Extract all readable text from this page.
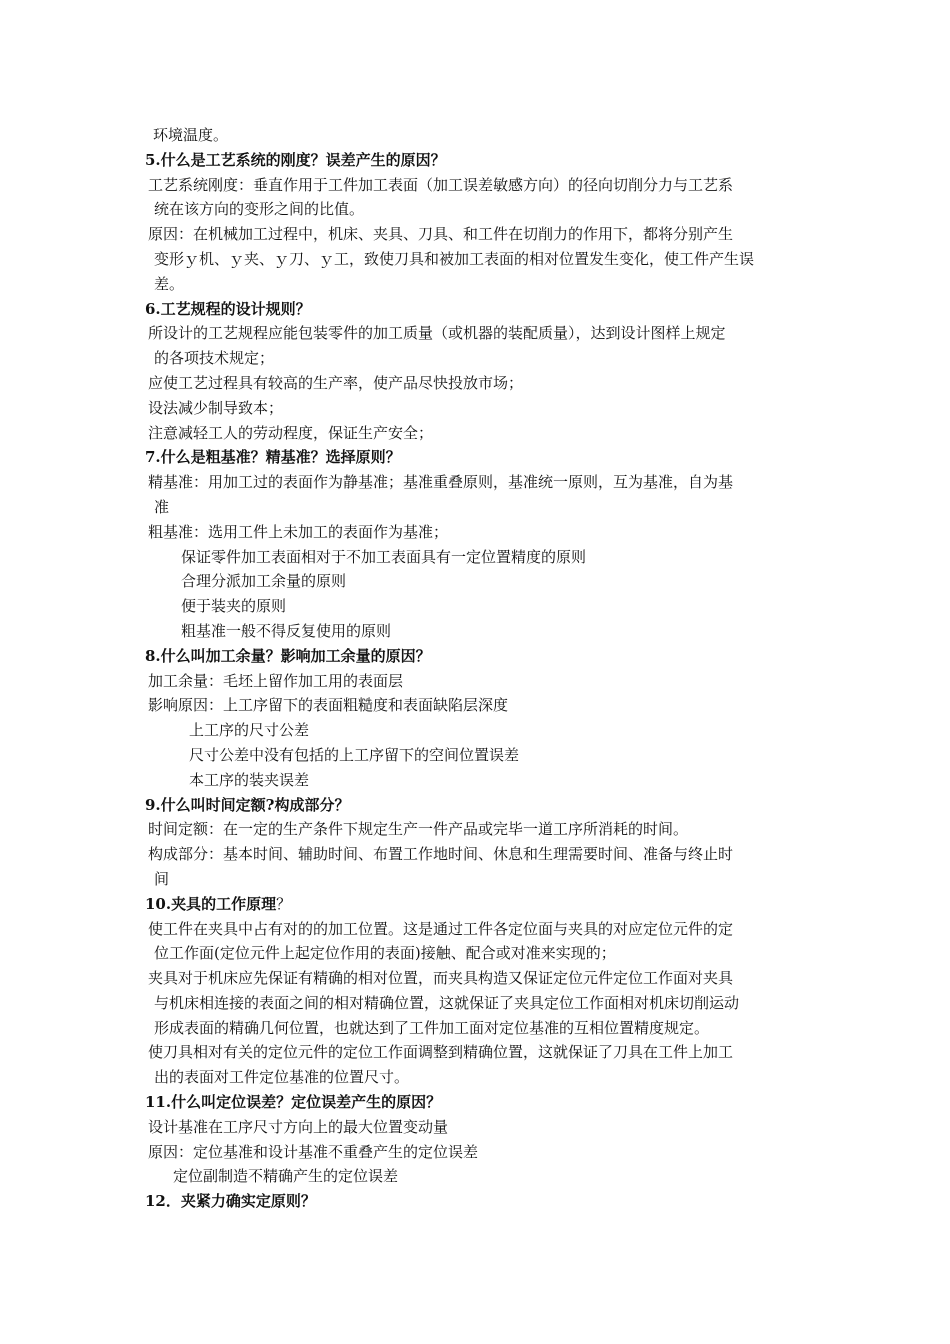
环境温度。
5.什么是工艺系统的刚度？误差产生的原因？
工艺系统刚度：垂直作用于工件加工表面（加工误差敏感方向）的径向切削分力与工艺系
统在该方向的变形之间的比值。
原因：在机械加工过程中，机床、夹具、刀具、和工件在切削力的作用下，都将分别产生
变形ｙ机、ｙ夹、ｙ刀、ｙ工，致使刀具和被加工表面的相对位置发生变化，使工件产生误
差。
6.工艺规程的设计规则？
所设计的工艺规程应能包装零件的加工质量（或机器的装配质量），达到设计图样上规定
的各项技术规定；
应使工艺过程具有较高的生产率，使产品尽快投放市场；
设法减少制导致本；
注意减轻工人的劳动程度，保证生产安全；
7.什么是粗基准？精基准？选择原则？
精基准：用加工过的表面作为静基准；基准重叠原则，基准统一原则，互为基准，自为基
准
粗基准：选用工件上未加工的表面作为基准；
保证零件加工表面相对于不加工表面具有一定位置精度的原则
合理分派加工余量的原则
便于装夹的原则
粗基准一般不得反复使用的原则
8.什么叫加工余量？影响加工余量的原因？
加工余量：毛坯上留作加工用的表面层
影响原因：上工序留下的表面粗糙度和表面缺陷层深度
上工序的尺寸公差
尺寸公差中没有包括的上工序留下的空间位置误差
本工序的装夹误差
9.什么叫时间定额?构成部分？
时间定额：在一定的生产条件下规定生产一件产品或完毕一道工序所消耗的时间。
构成部分：基本时间、辅助时间、布置工作地时间、休息和生理需要时间、准备与终止时
间
10.夹具的工作原理？
使工件在夹具中占有对的的加工位置。这是通过工件各定位面与夹具的对应定位元件的定
位工作面(定位元件上起定位作用的表面)接触、配合或对准来实现的；
夹具对于机床应先保证有精确的相对位置，而夹具构造又保证定位元件定位工作面对夹具
与机床相连接的表面之间的相对精确位置，这就保证了夹具定位工作面相对机床切削运动
形成表面的精确几何位置，也就达到了工件加工面对定位基准的互相位置精度规定。
使刀具相对有关的定位元件的定位工作面调整到精确位置，这就保证了刀具在工件上加工
出的表面对工件定位基准的位置尺寸。
11.什么叫定位误差？定位误差产生的原因？
设计基准在工序尺寸方向上的最大位置变动量
原因：定位基准和设计基准不重叠产生的定位误差
定位副制造不精确产生的定位误差
12．夹紧力确实定原则？
